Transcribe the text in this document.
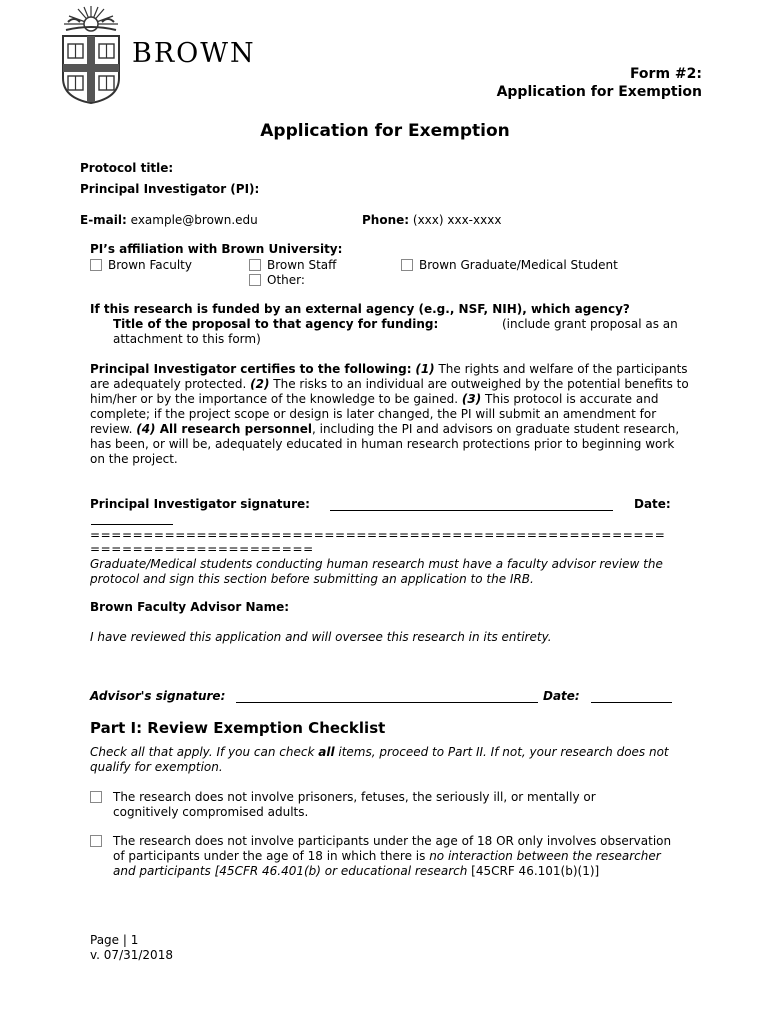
BROWN
Form #2:
Application for Exemption
Application for Exemption
Protocol title:
Principal Investigator (PI):
E-mail: example@brown.edu	Phone: (xxx) xxx-xxxx
PI’s affiliation with Brown University:
Brown Faculty	Brown Staff
Other:
Brown Graduate/Medical Student
If this research is funded by an external agency (e.g., NSF, NIH), which agency?
Title of the proposal to that agency for funding:	(include grant proposal as an
attachment to this form)
Principal Investigator certifies to the following: (1) The rights and welfare of the participants are adequately protected. (2) The risks to an individual are outweighed by the potential benefits to him/her or by the importance of the knowledge to be gained. (3) This protocol is accurate and complete; if the project scope or design is later changed, the PI will submit an amendment for review. (4) All research personnel, including the PI and advisors on graduate student research, has been, or will be, adequately educated in human research protections prior to beginning work on the project.
Principal Investigator signature:	Date:
======================================================
=====================
Graduate/Medical students conducting human research must have a faculty advisor review the protocol and sign this section before submitting an application to the IRB.
Brown Faculty Advisor Name:
I have reviewed this application and will oversee this research in its entirety.
Advisor's signature:	Date:
Part I: Review Exemption Checklist
Check all that apply. If you can check all items, proceed to Part II. If not, your research does not qualify for exemption.
The research does not involve prisoners, fetuses, the seriously ill, or mentally or cognitively compromised adults.
The research does not involve participants under the age of 18 OR only involves observation of participants under the age of 18 in which there is no interaction between the researcher and participants [45CFR 46.401(b) or educational research [45CRF 46.101(b)(1)]
Page | 1
v. 07/31/2018
